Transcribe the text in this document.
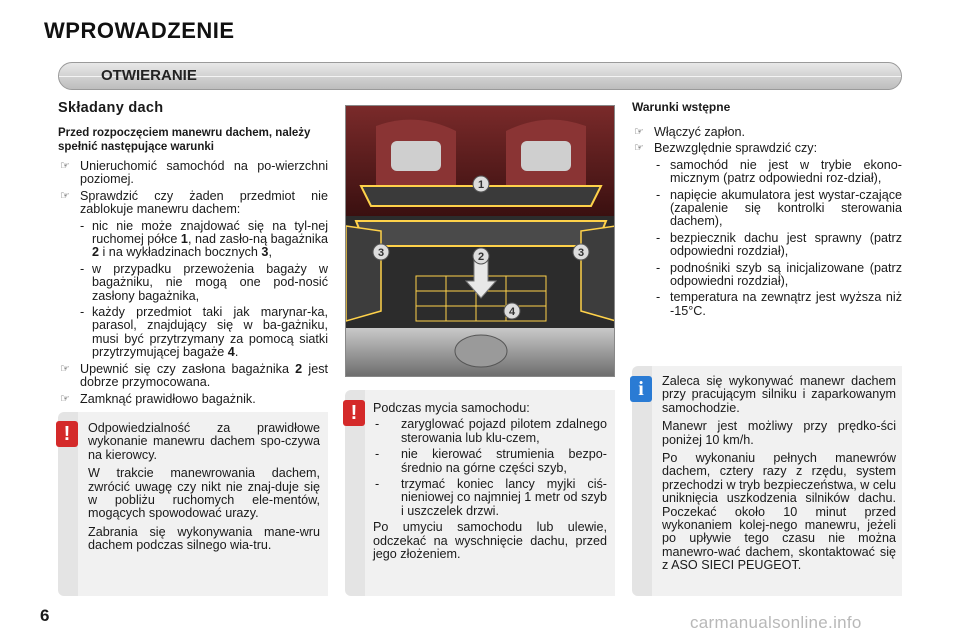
WPROWADZENIE
OTWIERANIE
Składany dach
Przed rozpoczęciem manewru dachem, należy spełnić następujące warunki
☞ Unieruchomić samochód na po-wierzchni poziomej.
☞ Sprawdzić czy żaden przedmiot nie zablokuje manewru dachem:
- nic nie może znajdować się na tyl-nej ruchomej półce 1, nad zasło-ną bagażnika 2 i na wykładzinach bocznych 3,
- w przypadku przewożenia bagaży w bagażniku, nie mogą one pod-nosić zasłony bagażnika,
- każdy przedmiot taki jak marynar-ka, parasol, znajdujący się w ba-gażniku, musi być przytrzymany za pomocą siatki przytrzymującej bagaże 4.
☞ Upewnić się czy zasłona bagażnika 2 jest dobrze przymocowana.
☞ Zamknąć prawidłowo bagażnik.
1
2
3	3
4
Warunki wstępne
☞ Włączyć zapłon.
☞ Bezwzględnie sprawdzić czy:
- samochód nie jest w trybie ekono-micznym (patrz odpowiedni roz-dział),
- napięcie akumulatora jest wystar-czające (zapalenie się kontrolki sterowania dachem),
- bezpiecznik dachu jest sprawny (patrz odpowiedni rozdział),
- podnośniki szyb są inicjalizowane (patrz odpowiedni rozdział),
- temperatura na zewnątrz jest wyższa niż -15°C.

Odpowiedzialność za prawidłowe wykonanie manewru dachem spo-czywa na kierowcy.

W trakcie manewrowania dachem, zwrócić uwagę czy nikt nie znaj-duje się w pobliżu ruchomych ele-mentów, mogących spowodować urazy.

Zabrania się wykonywania mane-wru dachem podczas silnego wia-tru.

!

Podczas mycia samochodu:

- zaryglować pojazd pilotem zdalnego sterowania lub klu-czem,
- nie kierować strumienia bezpo-średnio na górne części szyb,
- trzymać koniec lancy myjki ciś-nieniowej co najmniej 1 metr od szyb i uszczelek drzwi.

Po umyciu samochodu lub ulewie, odczekać na wyschnięcie dachu, przed jego złożeniem.

!

Zaleca się wykonywać manewr dachem przy pracującym silniku i zaparkowanym samochodzie.

Manewr jest możliwy przy prędko-ści poniżej 10 km/h.

Po wykonaniu pełnych manewrów dachem, cztery razy z rzędu, system przechodzi w tryb bezpieczeństwa, w celu uniknięcia uszkodzenia silników dachu. Poczekać około 10 minut przed wykonaniem kolej-nego manewru, jeżeli po upływie tego czasu nie można manewro-wać dachem, skontaktować się z ASO SIECI PEUGEOT.

i
6	carmanualsonline.info
